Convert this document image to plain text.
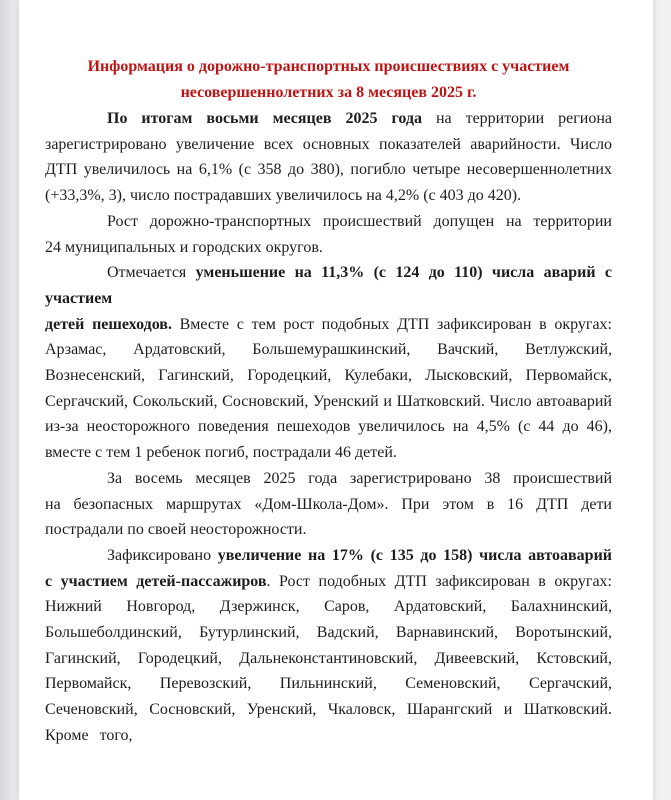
Информация о дорожно-транспортных происшествиях с участием
несовершеннолетних за 8 месяцев 2025 г.
По итогам восьми месяцев 2025 года на территории региона
зарегистрировано увеличение всех основных показателей аварийности. Число
ДТП увеличилось на 6,1% (с 358 до 380), погибло четыре несовершеннолетних
(+33,3%, 3), число пострадавших увеличилось на 4,2% (с 403 до 420).
Рост дорожно-транспортных происшествий допущен на территории
24 муниципальных и городских округов.
Отмечается уменьшение на 11,3% (с 124 до 110) числа аварий с участием
детей пешеходов. Вместе с тем рост подобных ДТП зафиксирован в округах:
Арзамас, Ардатовский, Большемурашкинский, Вачский, Ветлужский,
Вознесенский, Гагинский, Городецкий, Кулебаки, Лысковский, Первомайск,
Сергачский, Сокольский, Сосновский, Уренский и Шатковский. Число автоаварий
из-за неосторожного поведения пешеходов увеличилось на 4,5% (с 44 до 46),
вместе с тем 1 ребенок погиб, пострадали 46 детей.
За восемь месяцев 2025 года зарегистрировано 38 происшествий
на безопасных маршрутах «Дом-Школа-Дом». При этом в 16 ДТП дети
пострадали по своей неосторожности.
Зафиксировано увеличение на 17% (с 135 до 158) числа автоаварий
с участием детей-пассажиров. Рост подобных ДТП зафиксирован в округах:
Нижний Новгород, Дзержинск, Саров, Ардатовский, Балахнинский,
Большеболдинский, Бутурлинский, Вадский, Варнавинский, Воротынский,
Гагинский, Городецкий, Дальнеконстантиновский, Дивеевский, Кстовский,
Первомайск, Перевозский, Пильнинский, Семеновский, Сергачский,
Сеченовский, Сосновский, Уренский, Чкаловск, Шарангский и Шатковский.
Кроме того,
